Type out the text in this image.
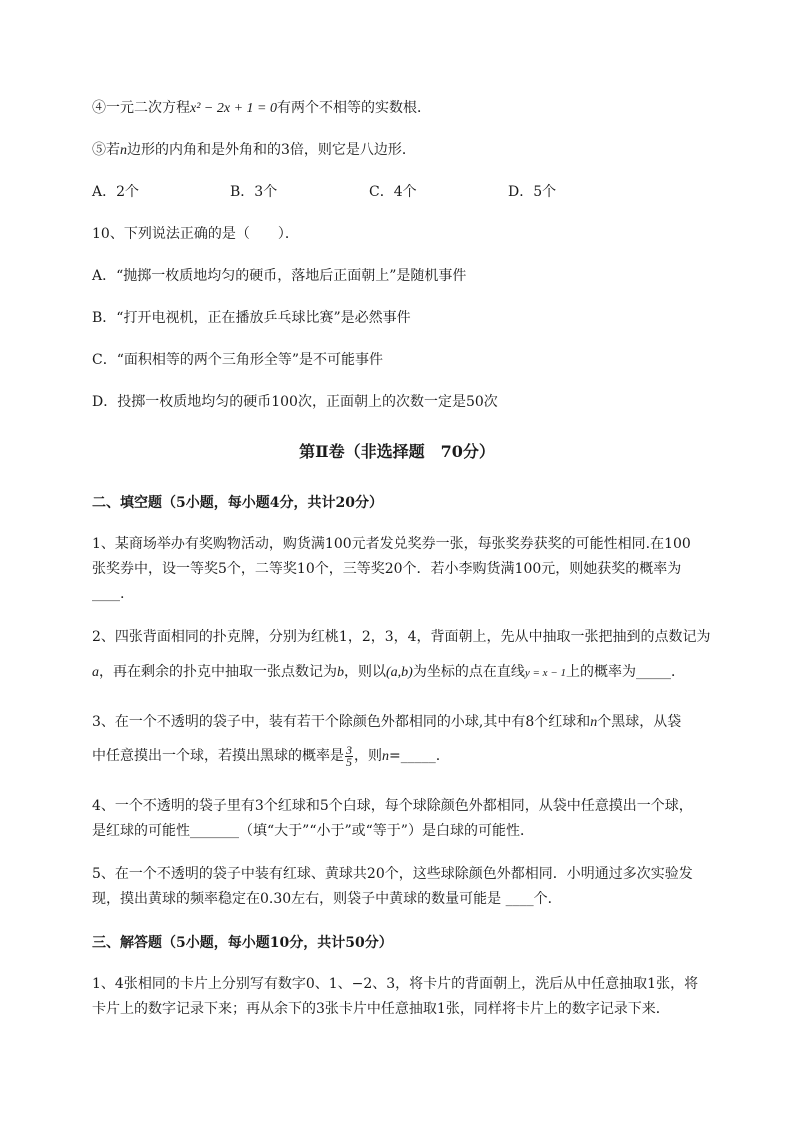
④一元二次方程x² − 2x + 1 = 0有两个不相等的实数根．
⑤若n边形的内角和是外角和的3倍，则它是八边形．
A．2个	B．3个	C．4个	D．5个
10、下列说法正确的是（　　）．
A．“抛掷一枚质地均匀的硬币，落地后正面朝上”是随机事件
B．“打开电视机，正在播放乒乓球比赛”是必然事件
C．“面积相等的两个三角形全等”是不可能事件
D．投掷一枚质地均匀的硬币100次，正面朝上的次数一定是50次
第Ⅱ卷（非选择题　70分）
二、填空题（5小题，每小题4分，共计20分）
1、某商场举办有奖购物活动，购货满100元者发兑奖券一张，每张奖券获奖的可能性相同.在100
张奖券中，设一等奖5个，二等奖10个，三等奖20个．若小李购货满100元，则她获奖的概率为
____.
2、四张背面相同的扑克牌，分别为红桃1，2，3，4，背面朝上，先从中抽取一张把抽到的点数记为
a，再在剩余的扑克中抽取一张点数记为b，则以(a,b)为坐标的点在直线y = x − 1上的概率为_____．
3、在一个不透明的袋子中，装有若干个除颜色外都相同的小球,其中有8个红球和n个黑球，从袋
中任意摸出一个球，若摸出黑球的概率是 $\frac{3}{5}$ ，则n=_____.
4、一个不透明的袋子里有3个红球和5个白球，每个球除颜色外都相同，从袋中任意摸出一个球，
是红球的可能性_______（填“大于”“小于”或“等于”）是白球的可能性．
5、在一个不透明的袋子中装有红球、黄球共20个，这些球除颜色外都相同．小明通过多次实验发
现，摸出黄球的频率稳定在0.30左右，则袋子中黄球的数量可能是 ____个．
三、解答题（5小题，每小题10分，共计50分）
1、4张相同的卡片上分别写有数字0、1、−2、3，将卡片的背面朝上，洗后从中任意抽取1张，将
卡片上的数字记录下来；再从余下的3张卡片中任意抽取1张，同样将卡片上的数字记录下来．
